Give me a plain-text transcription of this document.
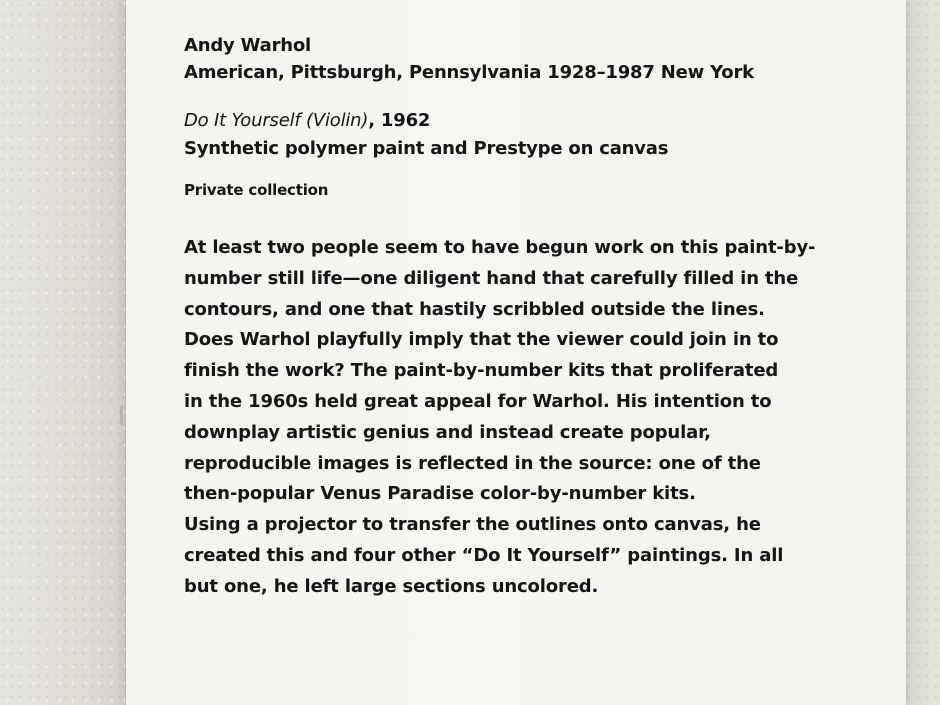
Andy Warhol
American, Pittsburgh, Pennsylvania 1928–1987 New York
Do It Yourself (Violin), 1962
Synthetic polymer paint and Prestype on canvas
Private collection

At least two people seem to have begun work on this paint-by-
number still life—one diligent hand that carefully filled in the
contours, and one that hastily scribbled outside the lines.
Does Warhol playfully imply that the viewer could join in to
finish the work? The paint-by-number kits that proliferated
in the 1960s held great appeal for Warhol. His intention to
downplay artistic genius and instead create popular,
reproducible images is reflected in the source: one of the
then-popular Venus Paradise color-by-number kits.
Using a projector to transfer the outlines onto canvas, he
created this and four other “Do It Yourself” paintings. In all
but one, he left large sections uncolored.
